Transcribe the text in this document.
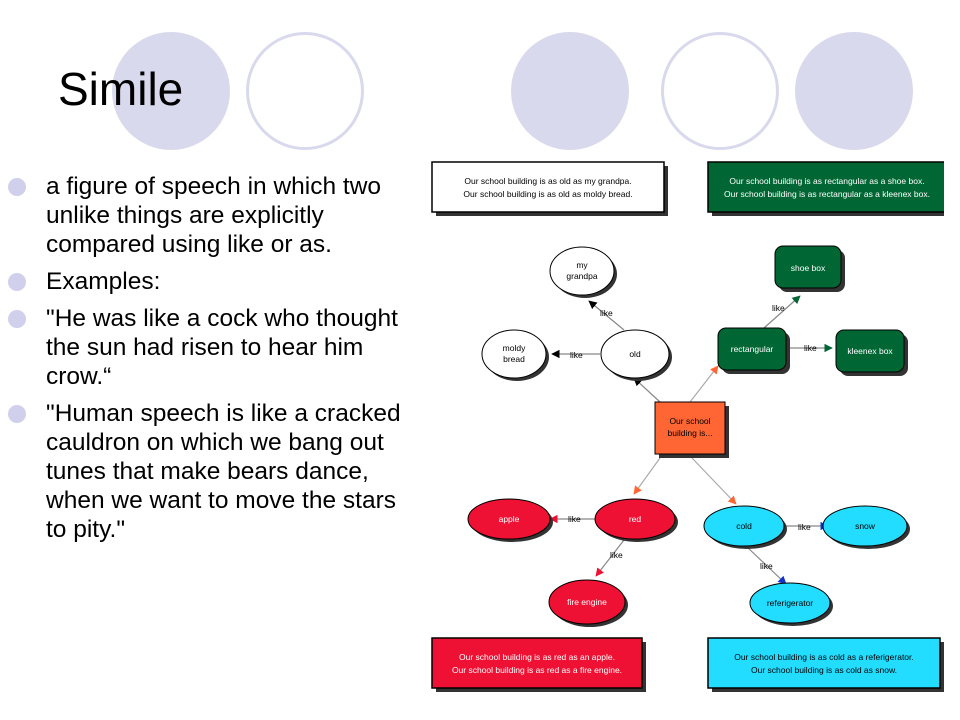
Simile
a figure of speech in which two unlike things are explicitly compared using like or as.
Examples:
"He was like a cock who thought the sun had risen to hear him crow.“
"Human speech is like a cracked cauldron on which we bang out tunes that make bears dance, when we want to move the stars to pity."
Our school building is as old as my grandpa.
Our school building is as old as moldy bread.
Our school building is as rectangular as a shoe box.
Our school building is as rectangular as a kleenex box.
Our school building is as red as an apple.
Our school building is as red as a fire engine.
Our school building is as cold as a referigerator.
Our school building is as cold as snow.
like
like
like
like
like
like
like
like
Our school
building is...
my
grandpa
moldy
bread	old
shoe box
rectangular	kleenex box
apple	red
fire engine
cold	snow
referigerator
